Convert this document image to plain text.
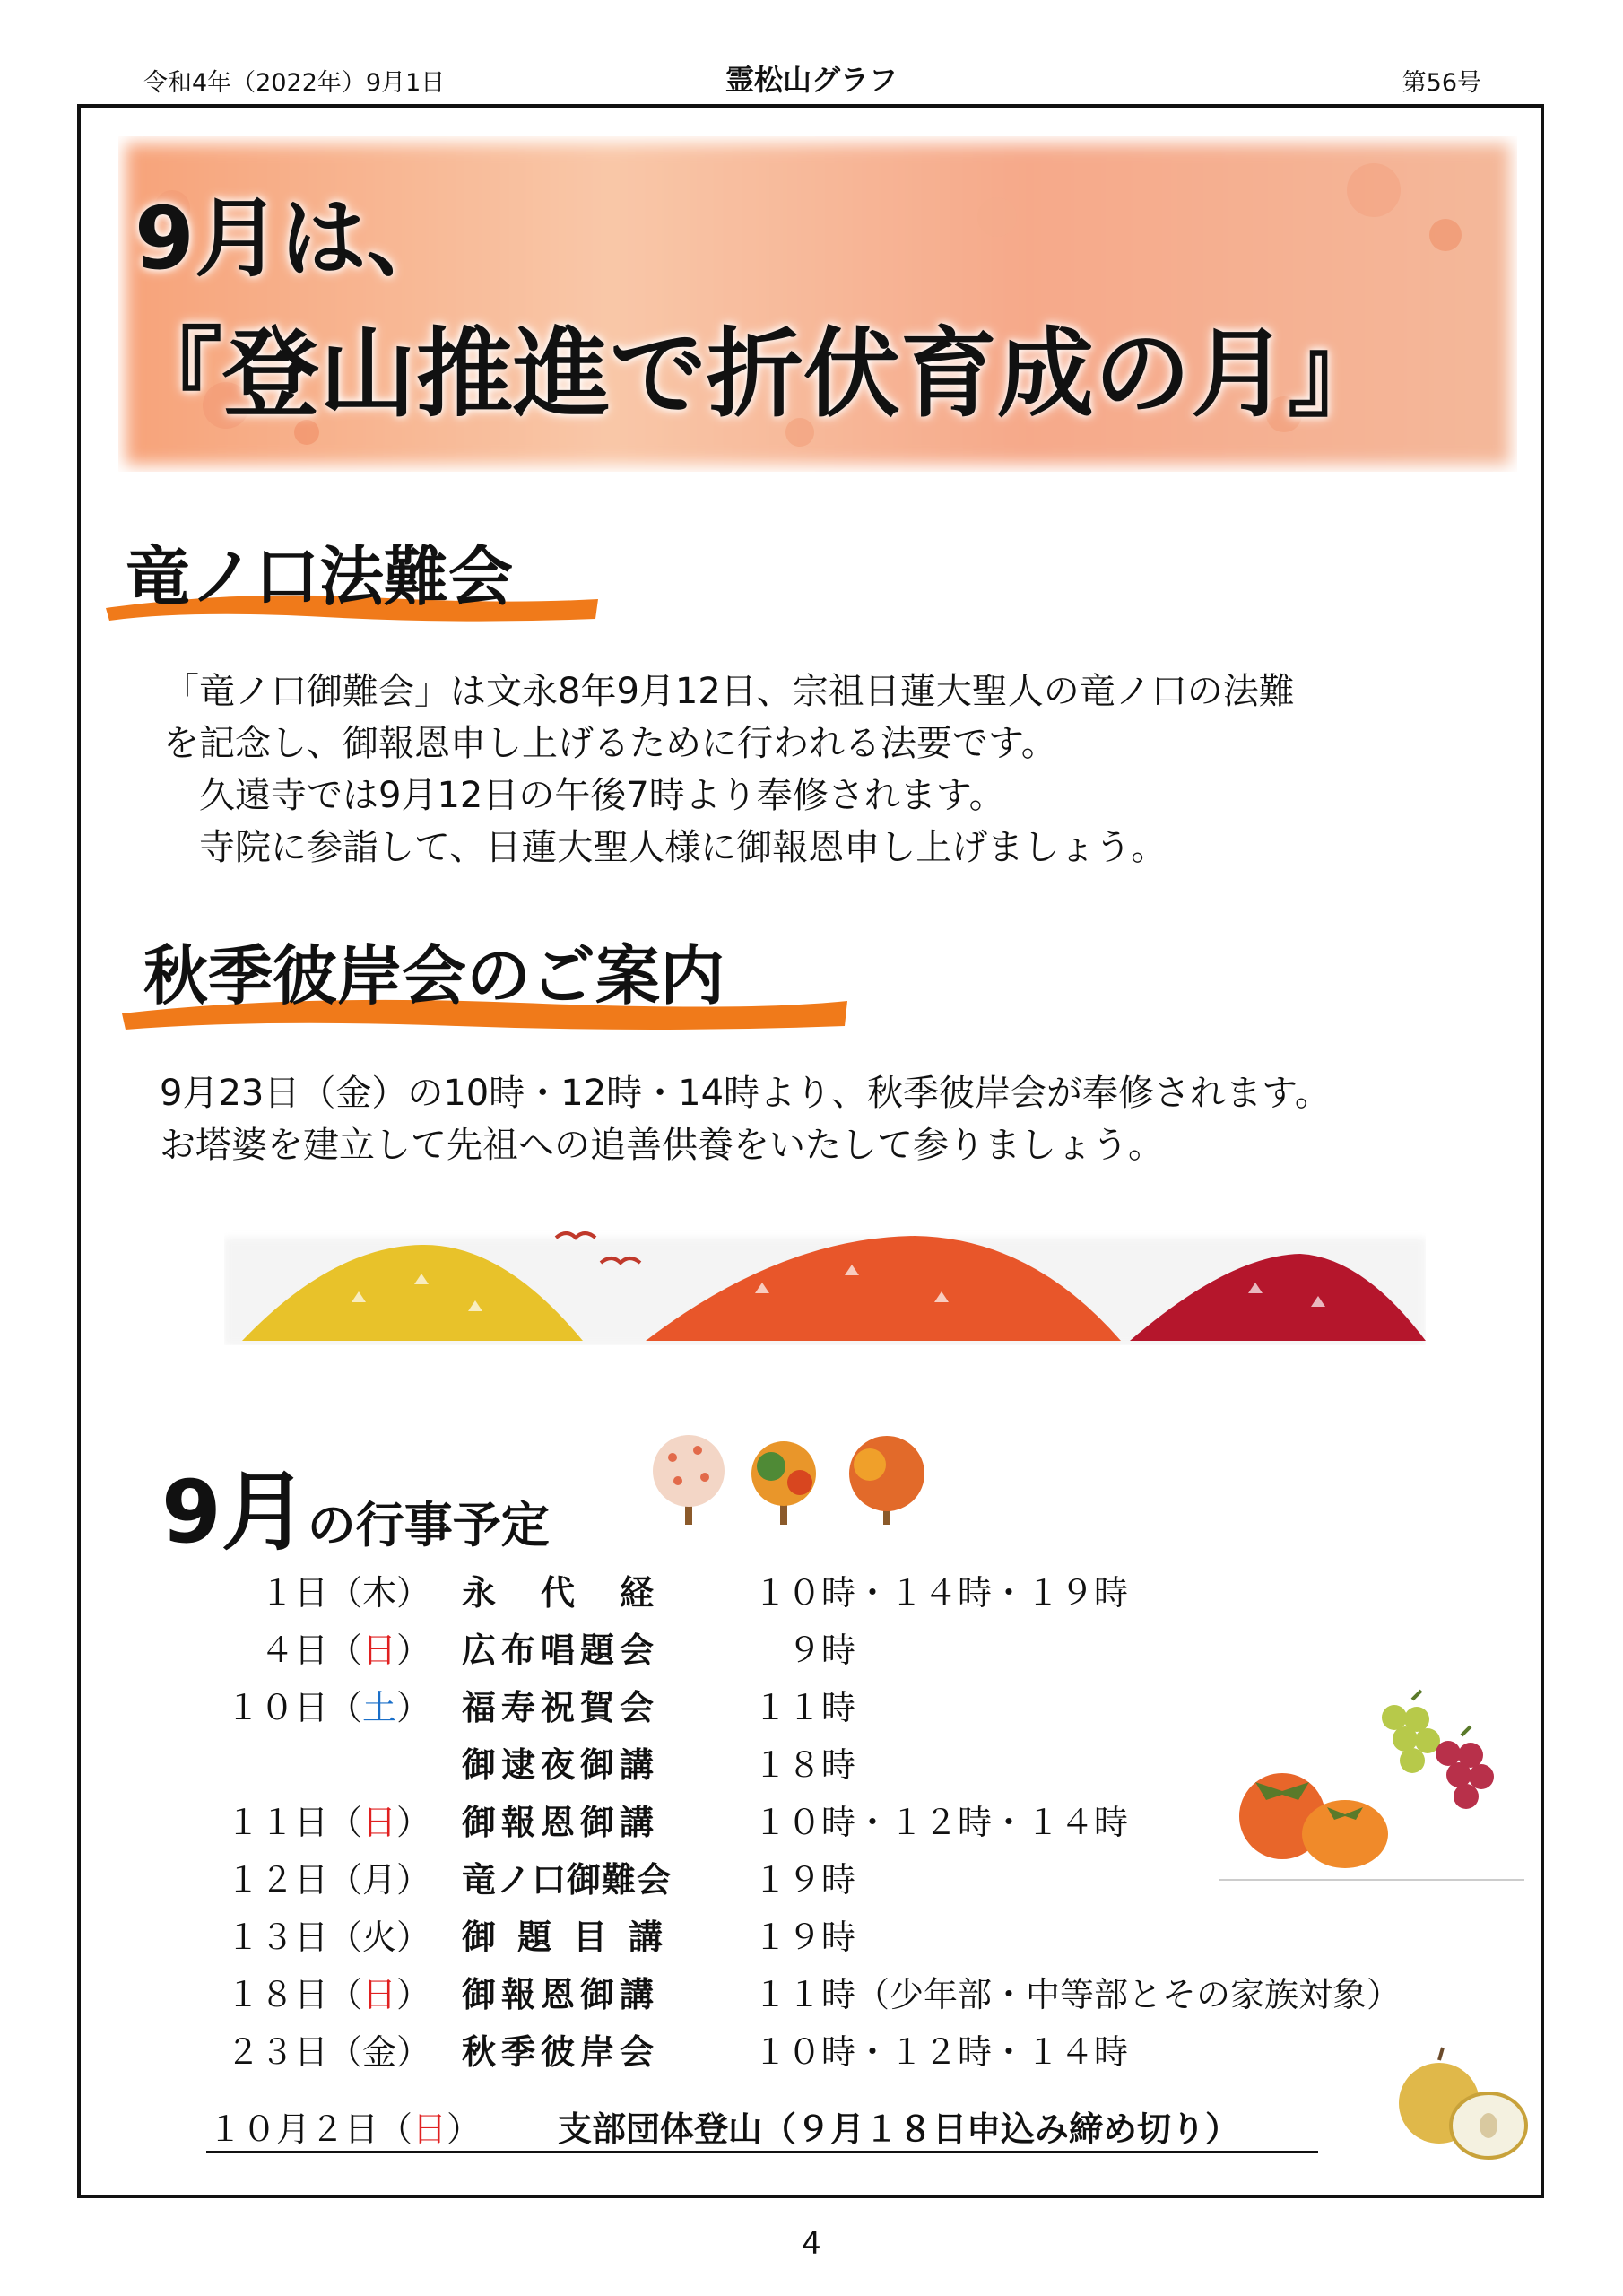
令和4年（2022年）9月1日	霊松山グラフ	第56号
9月は、
『登山推進で折伏育成の月』
竜ノ口法難会
「竜ノ口御難会」は文永8年9月12日、宗祖日蓮大聖人の竜ノ口の法難
を記念し、御報恩申し上げるために行われる法要です。
　久遠寺では9月12日の午後7時より奉修されます。
　寺院に参詣して、日蓮大聖人様に御報恩申し上げましょう。
秋季彼岸会のご案内
9月23日（金）の10時・12時・14時より、秋季彼岸会が奉修されます。
お塔婆を建立して先祖への追善供養をいたして参りましょう。
9月の行事予定
１日（木） 永　代　経	１０時・１４時・１９時
４日（日） 広布唱題会	　９時
１０日（土） 福寿祝賀会	１１時
御逮夜御講	１８時
１１日（日） 御報恩御講	１０時・１２時・１４時
１２日（月） 竜ノ口御難会	１９時
１３日（火） 御題目講	１９時
１８日（日） 御報恩御講	１１時（少年部・中等部とその家族対象）
２３日（金） 秋季彼岸会	１０時・１２時・１４時
１０月２日（日） 支部団体登山（９月１８日申込み締め切り）
4
